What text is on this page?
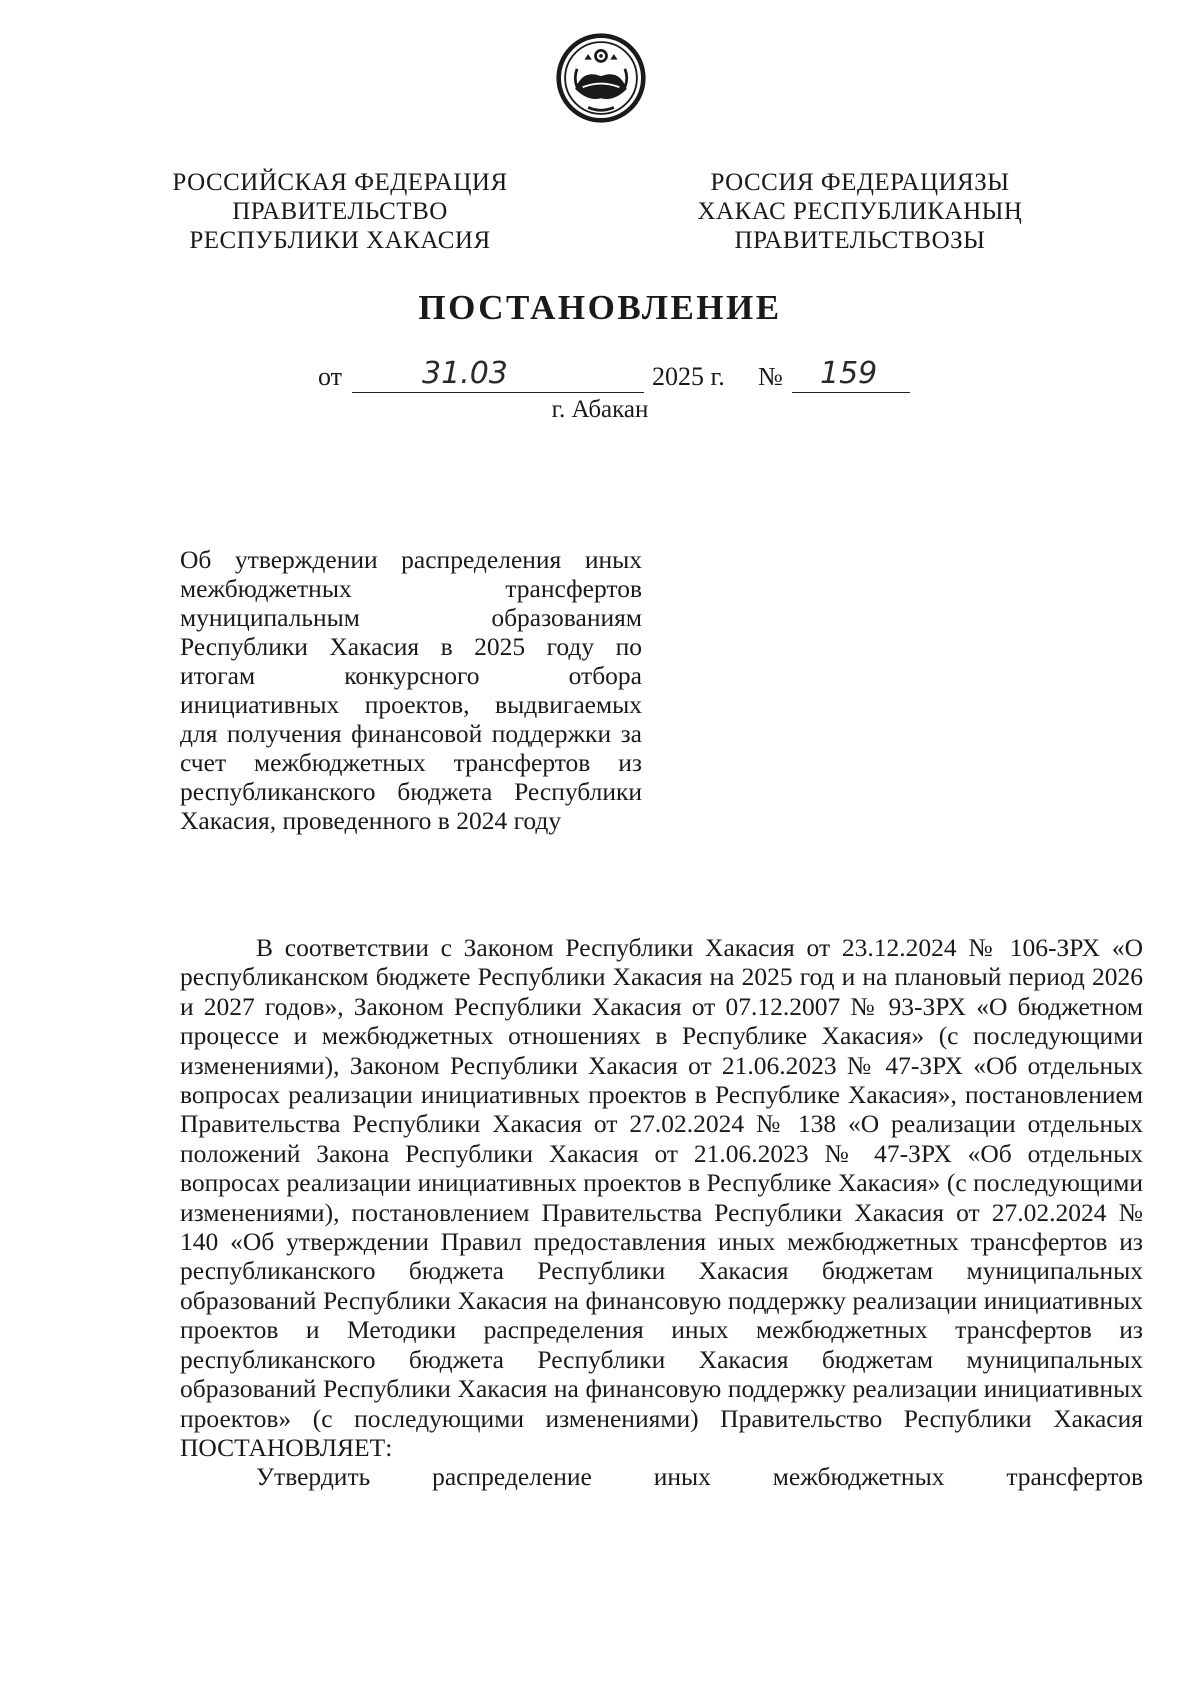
РОССИЙСКАЯ ФЕДЕРАЦИЯ
ПРАВИТЕЛЬСТВО
РЕСПУБЛИКИ ХАКАСИЯ
РОССИЯ ФЕДЕРАЦИЯЗЫ
ХАКАС РЕСПУБЛИКАНЫҢ
ПРАВИТЕЛЬСТВОЗЫ
ПОСТАНОВЛЕНИЕ
от	31.03	2025 г. № 159
г. Абакан
Об утверждении распределения иных межбюджетных трансфертов муниципальным образованиям Республики Хакасия в 2025 году по итогам конкурсного отбора инициативных проектов, выдвигаемых для получения финансовой поддержки за счет межбюджетных трансфертов из республиканского бюджета Республики Хакасия, проведенного в 2024 году

В соответствии с Законом Республики Хакасия от 23.12.2024 № 106-ЗРХ «О республиканском бюджете Республики Хакасия на 2025 год и на плановый период 2026 и 2027 годов», Законом Республики Хакасия от 07.12.2007 № 93-ЗРХ «О бюджетном процессе и межбюджетных отношениях в Республике Хакасия» (с последующими изменениями), Законом Республики Хакасия от 21.06.2023 № 47-ЗРХ «Об отдельных вопросах реализации инициативных проектов в Республике Хакасия», постановлением Правительства Республики Хакасия от 27.02.2024 № 138 «О реализации отдельных положений Закона Республики Хакасия от 21.06.2023 № 47-ЗРХ «Об отдельных вопросах реализации инициативных проектов в Республике Хакасия» (с последующими изменениями), постановлением Правительства Республики Хакасия от 27.02.2024 № 140 «Об утверждении Правил предоставления иных межбюджетных трансфертов из республиканского бюджета Республики Хакасия бюджетам муниципальных образований Республики Хакасия на финансовую поддержку реализации инициативных проектов и Методики распределения иных межбюджетных трансфертов из республиканского бюджета Республики Хакасия бюджетам муниципальных образований Республики Хакасия на финансовую поддержку реализации инициативных проектов» (с последующими изменениями) Правительство Республики Хакасия ПОСТАНОВЛЯЕТ:

Утвердить распределение иных межбюджетных трансфертов
